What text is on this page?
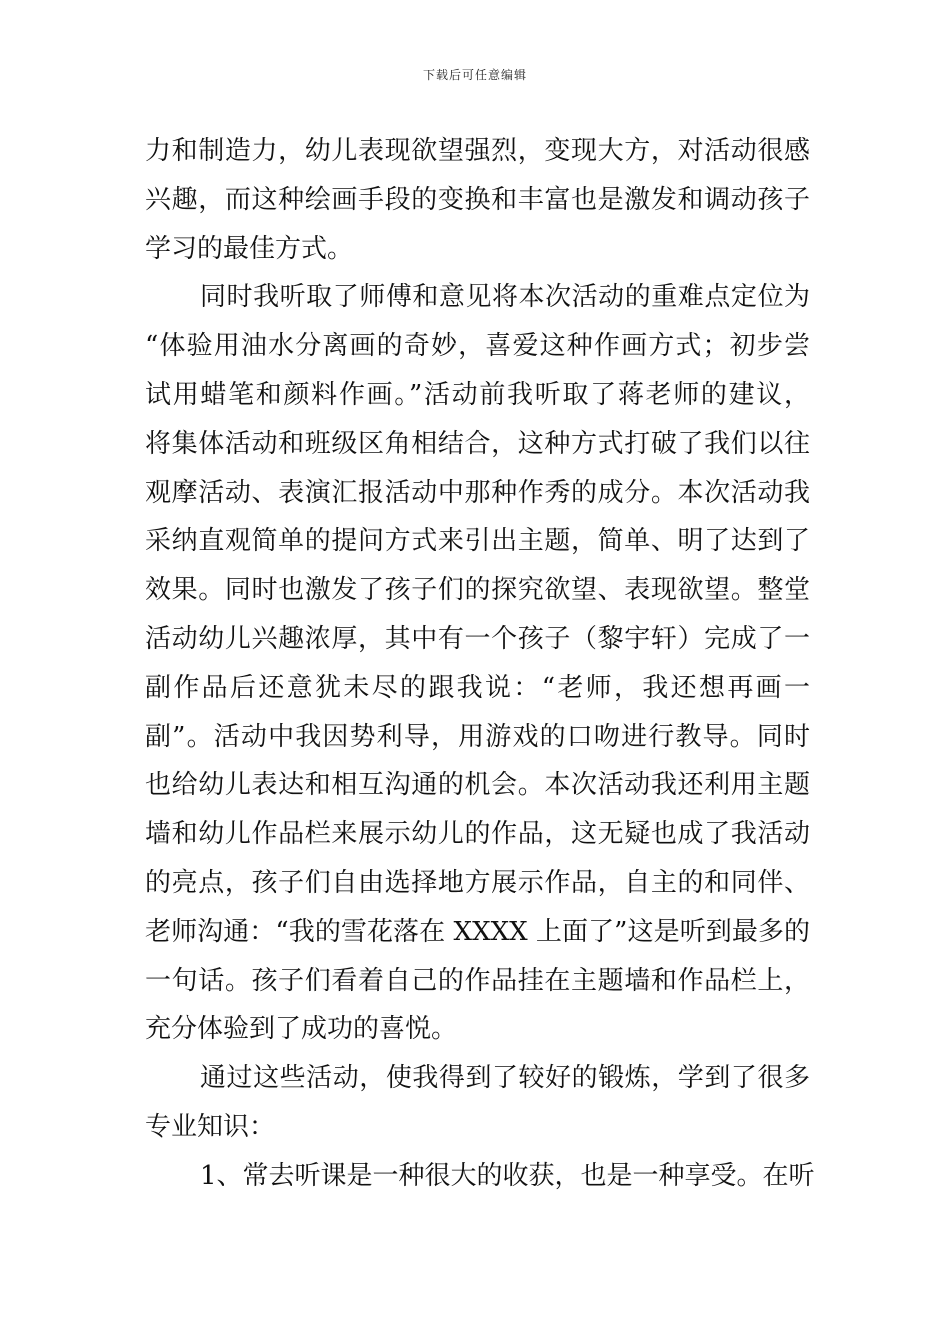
下载后可任意编辑
力和制造力，幼儿表现欲望强烈，变现大方，对活动很感
兴趣，而这种绘画手段的变换和丰富也是激发和调动孩子
学习的最佳方式。
同时我听取了师傅和意见将本次活动的重难点定位为
“体验用油水分离画的奇妙，喜爱这种作画方式；初步尝
试用蜡笔和颜料作画。”活动前我听取了蒋老师的建议，
将集体活动和班级区角相结合，这种方式打破了我们以往
观摩活动、表演汇报活动中那种作秀的成分。本次活动我
采纳直观简单的提问方式来引出主题，简单、明了达到了
效果。同时也激发了孩子们的探究欲望、表现欲望。整堂
活动幼儿兴趣浓厚，其中有一个孩子（黎宇轩）完成了一
副作品后还意犹未尽的跟我说：“老师，我还想再画一
副”。活动中我因势利导，用游戏的口吻进行教导。同时
也给幼儿表达和相互沟通的机会。本次活动我还利用主题
墙和幼儿作品栏来展示幼儿的作品，这无疑也成了我活动
的亮点，孩子们自由选择地方展示作品，自主的和同伴、
老师沟通：“我的雪花落在 XXXX 上面了”这是听到最多的
一句话。孩子们看着自己的作品挂在主题墙和作品栏上，
充分体验到了成功的喜悦。
通过这些活动，使我得到了较好的锻炼，学到了很多
专业知识：
1、常去听课是一种很大的收获，也是一种享受。在听
